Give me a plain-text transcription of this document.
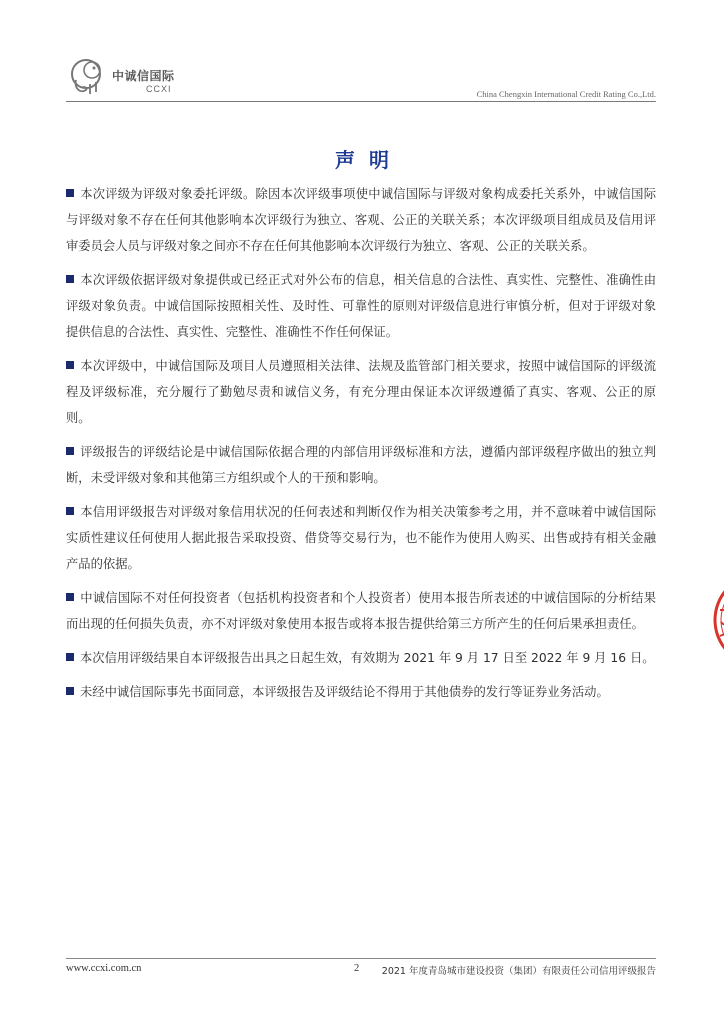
中诚信国际
CCXI	China Chengxin International Credit Rating Co.,Ltd.
声明

本次评级为评级对象委托评级。除因本次评级事项使中诚信国际与评级对象构成委托关系外，中诚信国际与评级对象不存在任何其他影响本次评级行为独立、客观、公正的关联关系；本次评级项目组成员及信用评审委员会人员与评级对象之间亦不存在任何其他影响本次评级行为独立、客观、公正的关联关系。

本次评级依据评级对象提供或已经正式对外公布的信息，相关信息的合法性、真实性、完整性、准确性由评级对象负责。中诚信国际按照相关性、及时性、可靠性的原则对评级信息进行审慎分析，但对于评级对象提供信息的合法性、真实性、完整性、准确性不作任何保证。

本次评级中，中诚信国际及项目人员遵照相关法律、法规及监管部门相关要求，按照中诚信国际的评级流程及评级标准，充分履行了勤勉尽责和诚信义务，有充分理由保证本次评级遵循了真实、客观、公正的原则。

评级报告的评级结论是中诚信国际依据合理的内部信用评级标准和方法，遵循内部评级程序做出的独立判断，未受评级对象和其他第三方组织或个人的干预和影响。

本信用评级报告对评级对象信用状况的任何表述和判断仅作为相关决策参考之用，并不意味着中诚信国际实质性建议任何使用人据此报告采取投资、借贷等交易行为，也不能作为使用人购买、出售或持有相关金融产品的依据。

中诚信国际不对任何投资者（包括机构投资者和个人投资者）使用本报告所表述的中诚信国际的分析结果而出现的任何损失负责，亦不对评级对象使用本报告或将本报告提供给第三方所产生的任何后果承担责任。

本次信用评级结果自本评级报告出具之日起生效，有效期为 2021 年 9 月 17 日至 2022 年 9 月 16 日。

未经中诚信国际事先书面同意，本评级报告及评级结论不得用于其他债券的发行等证券业务活动。

www.ccxi.com.cn	2 2021 年度青岛城市建设投资（集团）有限责任公司信用评级报告
